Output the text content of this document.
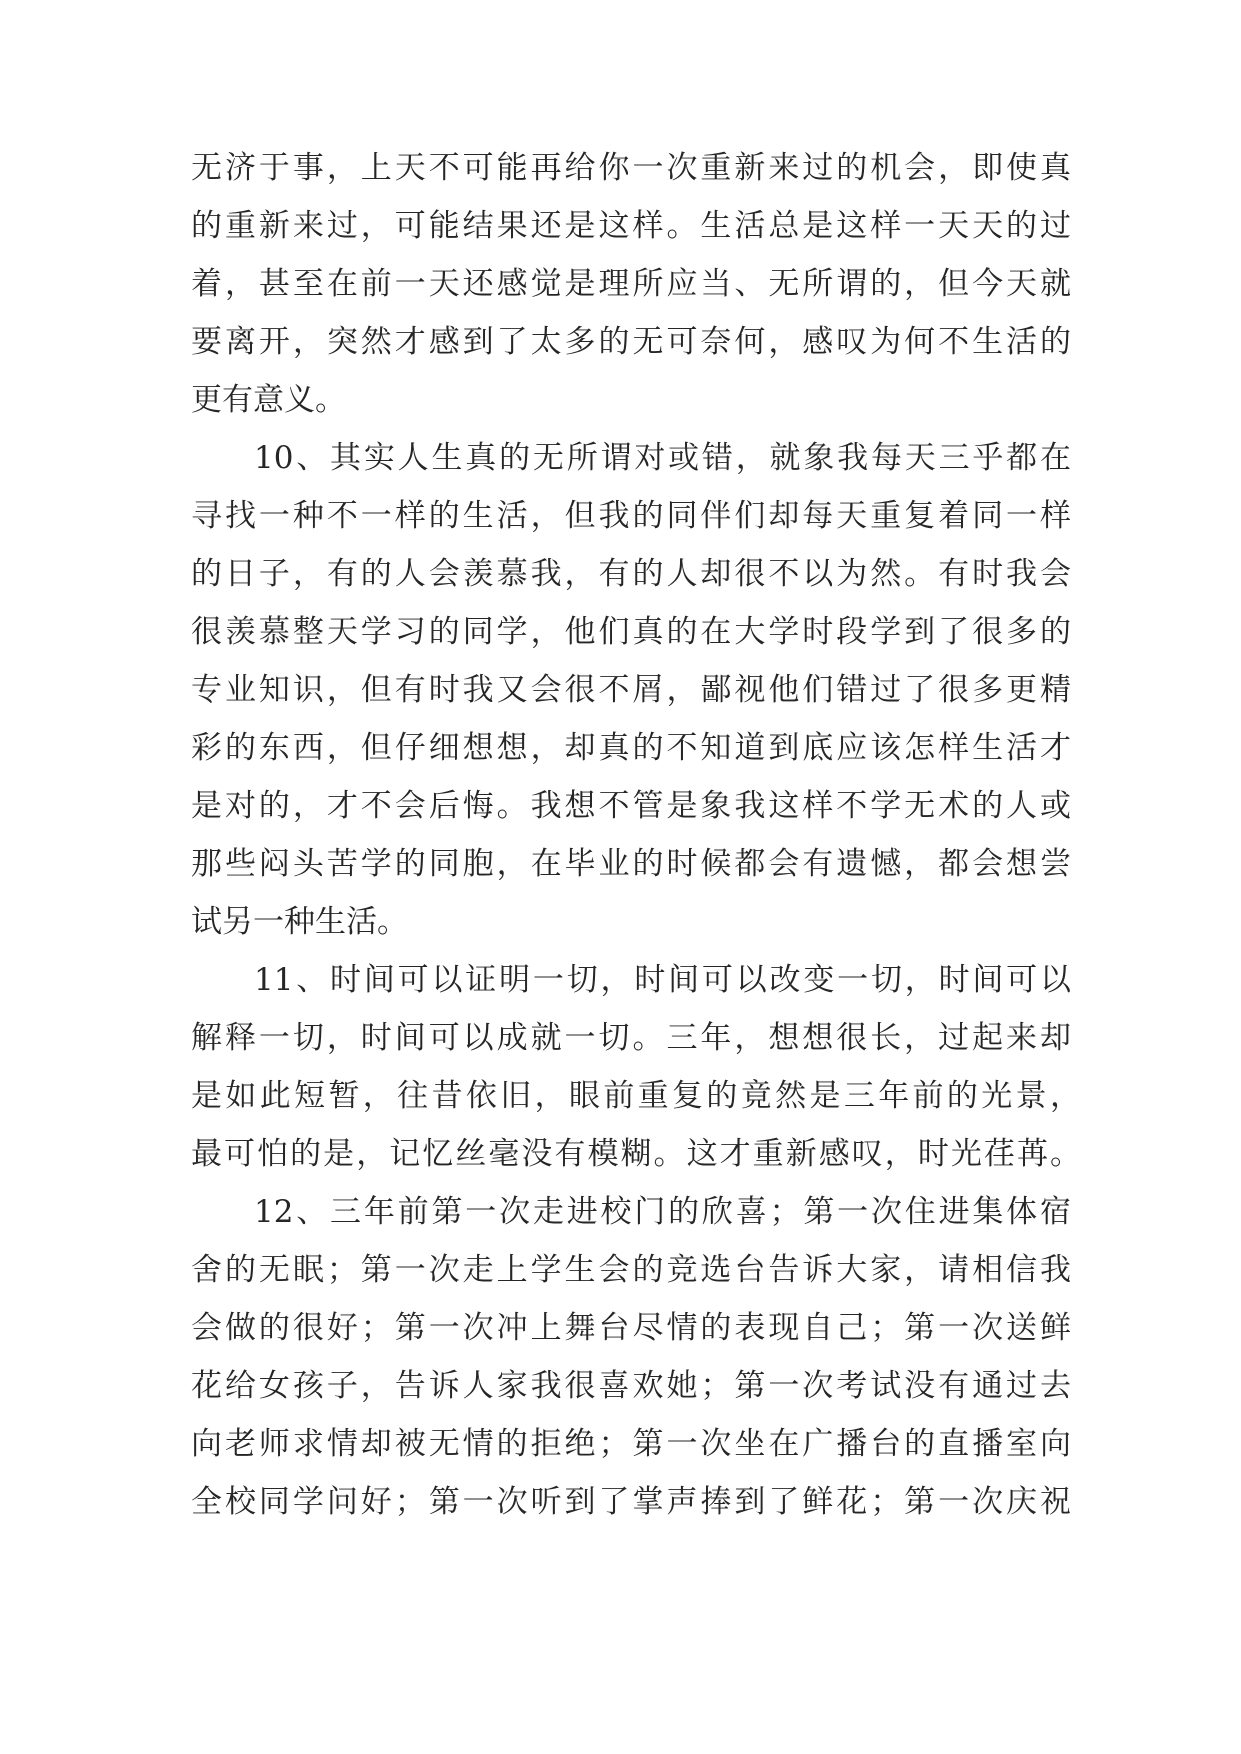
无济于事，上天不可能再给你一次重新来过的机会，即使真
的重新来过，可能结果还是这样。生活总是这样一天天的过
着，甚至在前一天还感觉是理所应当、无所谓的，但今天就
要离开，突然才感到了太多的无可奈何，感叹为何不生活的
更有意义。
10、其实人生真的无所谓对或错，就象我每天三乎都在
寻找一种不一样的生活，但我的同伴们却每天重复着同一样
的日子，有的人会羡慕我，有的人却很不以为然。有时我会
很羡慕整天学习的同学，他们真的在大学时段学到了很多的
专业知识，但有时我又会很不屑，鄙视他们错过了很多更精
彩的东西，但仔细想想，却真的不知道到底应该怎样生活才
是对的，才不会后悔。我想不管是象我这样不学无术的人或
那些闷头苦学的同胞，在毕业的时候都会有遗憾，都会想尝
试另一种生活。
11、时间可以证明一切，时间可以改变一切，时间可以
解释一切，时间可以成就一切。三年，想想很长，过起来却
是如此短暂，往昔依旧，眼前重复的竟然是三年前的光景，
最可怕的是，记忆丝毫没有模糊。这才重新感叹，时光荏苒。
12、三年前第一次走进校门的欣喜；第一次住进集体宿
舍的无眠；第一次走上学生会的竞选台告诉大家，请相信我
会做的很好；第一次冲上舞台尽情的表现自己；第一次送鲜
花给女孩子，告诉人家我很喜欢她；第一次考试没有通过去
向老师求情却被无情的拒绝；第一次坐在广播台的直播室向
全校同学问好；第一次听到了掌声捧到了鲜花；第一次庆祝
